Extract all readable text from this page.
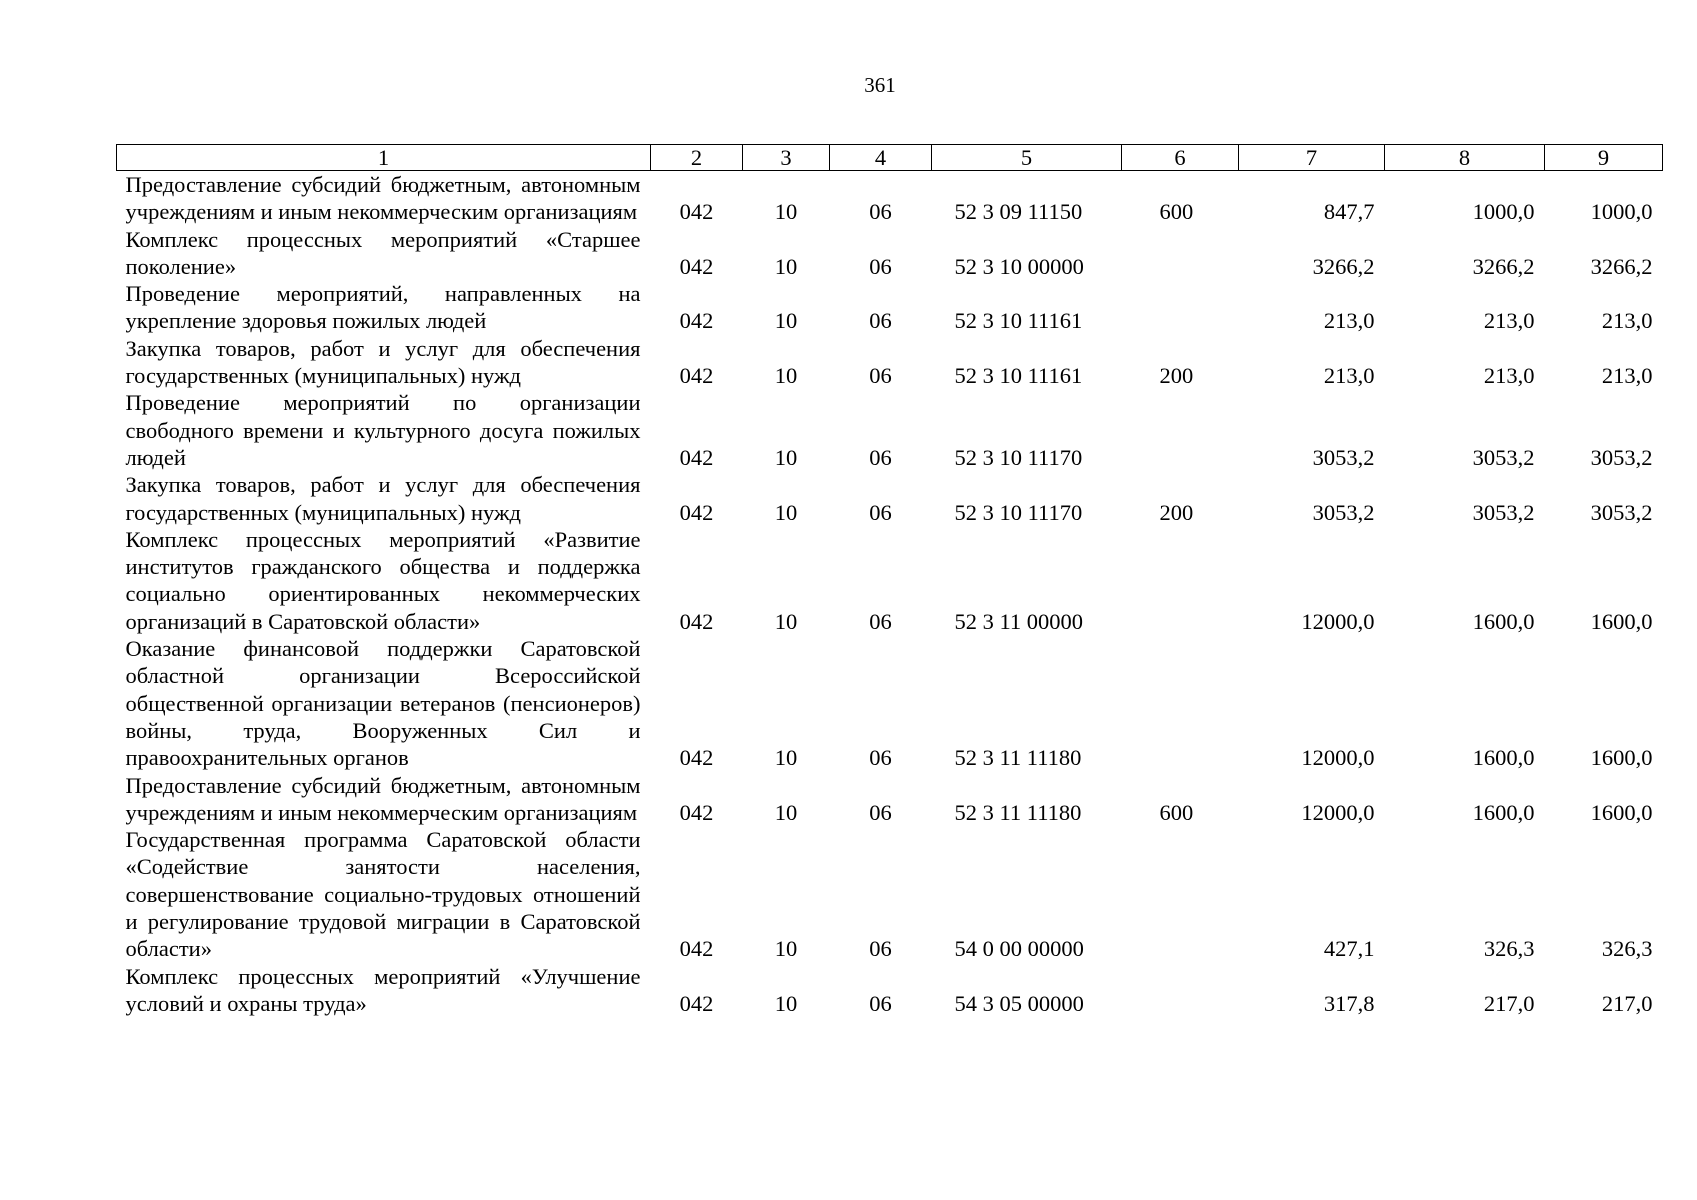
361
1	2	3	4	5	6	7	8	9
Предоставление субсидий бюджетным, автономным учреждениям и иным некоммерческим организациям	042	10	06	52 3 09 11150	600	847,7	1000,0	1000,0
Комплекс процессных мероприятий «Старшее поколение»	042	10	06	52 3 10 00000		3266,2	3266,2	3266,2
Проведение мероприятий, направленных на укрепление здоровья пожилых людей	042	10	06	52 3 10 11161		213,0	213,0	213,0
Закупка товаров, работ и услуг для обеспечения государственных (муниципальных) нужд	042	10	06	52 3 10 11161	200	213,0	213,0	213,0
Проведение мероприятий по организации свободного времени и культурного досуга пожилых людей	042	10	06	52 3 10 11170		3053,2	3053,2	3053,2
Закупка товаров, работ и услуг для обеспечения государственных (муниципальных) нужд	042	10	06	52 3 10 11170	200	3053,2	3053,2	3053,2
Комплекс процессных мероприятий «Развитие институтов гражданского общества и поддержка социально ориентированных некоммерческих организаций в Саратовской области»	042	10	06	52 3 11 00000		12000,0	1600,0	1600,0
Оказание финансовой поддержки Саратовской областной организации Всероссийской общественной организации ветеранов (пенсионеров) войны, труда, Вооруженных Сил и правоохранительных органов	042	10	06	52 3 11 11180		12000,0	1600,0	1600,0
Предоставление субсидий бюджетным, автономным учреждениям и иным некоммерческим организациям	042	10	06	52 3 11 11180	600	12000,0	1600,0	1600,0
Государственная программа Саратовской области «Содействие занятости населения, совершенствование социально-трудовых отношений и регулирование трудовой миграции в Саратовской области»	042	10	06	54 0 00 00000		427,1	326,3	326,3
Комплекс процессных мероприятий «Улучшение условий и охраны труда»	042	10	06	54 3 05 00000		317,8	217,0	217,0
